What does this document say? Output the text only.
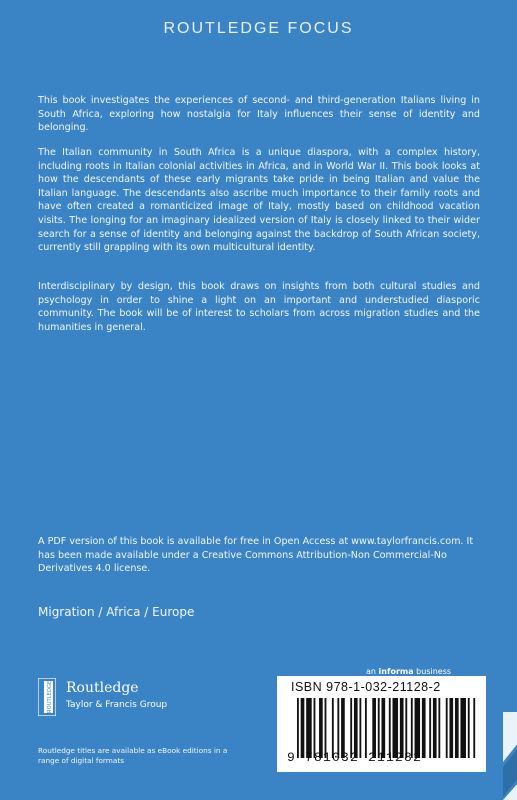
ROUTLEDGE FOCUS

This book investigates the experiences of second- and third-generation Italians living in South Africa, exploring how nostalgia for Italy influences their sense of identity and belonging.

The Italian community in South Africa is a unique diaspora, with a complex history, including roots in Italian colonial activities in Africa, and in World War II. This book looks at how the descendants of these early migrants take pride in being Italian and value the Italian language. The descendants also ascribe much importance to their family roots and have often created a romanticized image of Italy, mostly based on childhood vacation visits. The longing for an imaginary idealized version of Italy is closely linked to their wider search for a sense of identity and belonging against the backdrop of South African society, currently still grappling with its own multicultural identity.

Interdisciplinary by design, this book draws on insights from both cultural studies and psychology in order to shine a light on an important and understudied diasporic community. The book will be of interest to scholars from across migration studies and the humanities in general.

A PDF version of this book is available for free in Open Access at www.taylorfrancis.com. It has been made available under a Creative Commons Attribution-Non Commercial-No Derivatives 4.0 license.

Migration / Africa / Europe
ROUTLEDGE Routledge
Taylor & Francis Group
an informa business
ISBN 978-1-032-21128-2
9 781032 211282
Routledge titles are available as eBook editions in a range of digital formats
